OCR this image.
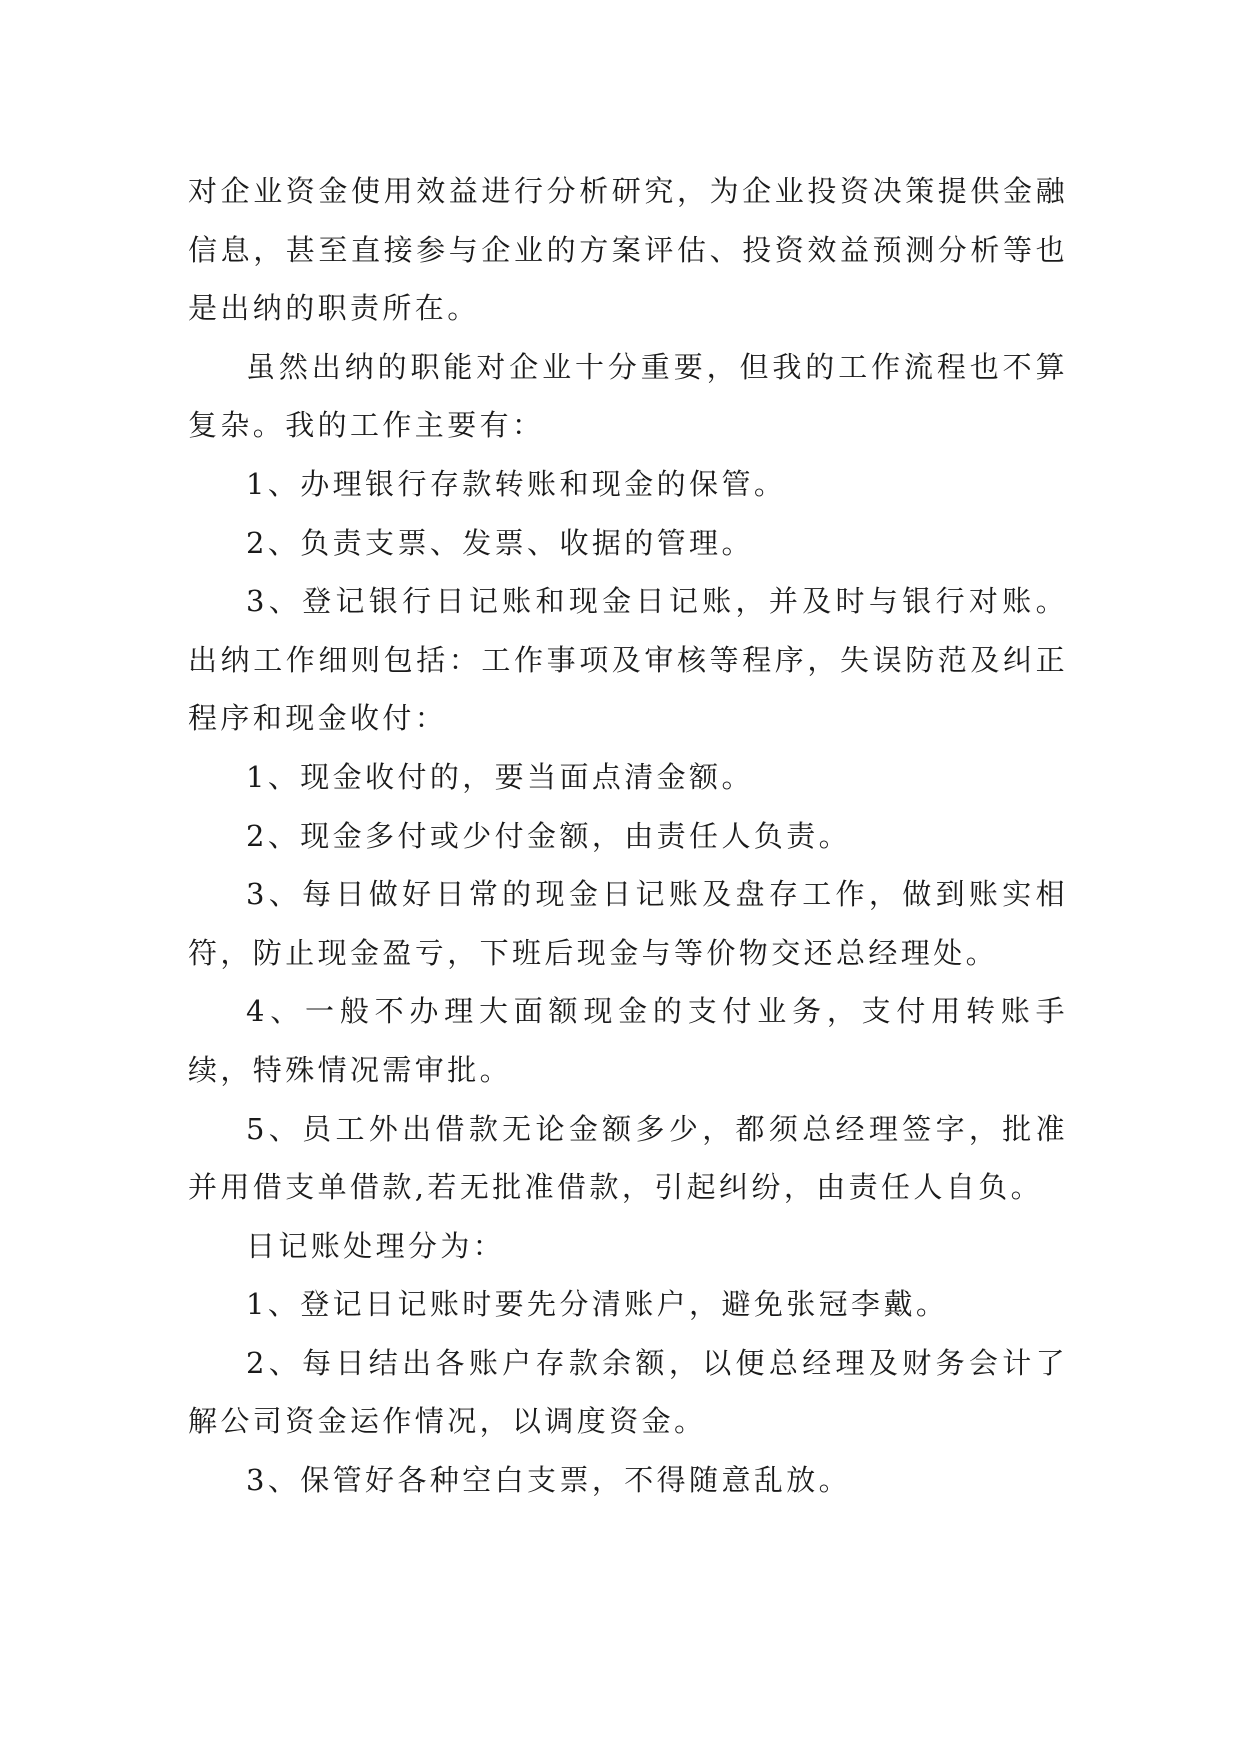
对企业资金使用效益进行分析研究，为企业投资决策提供金融信息，甚至直接参与企业的方案评估、投资效益预测分析等也是出纳的职责所在。

虽然出纳的职能对企业十分重要，但我的工作流程也不算复杂。我的工作主要有：

1、办理银行存款转账和现金的保管。

2、负责支票、发票、收据的管理。

3、登记银行日记账和现金日记账，并及时与银行对账。出纳工作细则包括：工作事项及审核等程序，失误防范及纠正程序和现金收付：

1、现金收付的，要当面点清金额。

2、现金多付或少付金额，由责任人负责。

3、每日做好日常的现金日记账及盘存工作，做到账实相符，防止现金盈亏，下班后现金与等价物交还总经理处。

4、一般不办理大面额现金的支付业务，支付用转账手续，特殊情况需审批。

5、员工外出借款无论金额多少，都须总经理签字，批准并用借支单借款,若无批准借款，引起纠纷，由责任人自负。

日记账处理分为：

1、登记日记账时要先分清账户，避免张冠李戴。

2、每日结出各账户存款余额，以便总经理及财务会计了解公司资金运作情况，以调度资金。

3、保管好各种空白支票，不得随意乱放。
